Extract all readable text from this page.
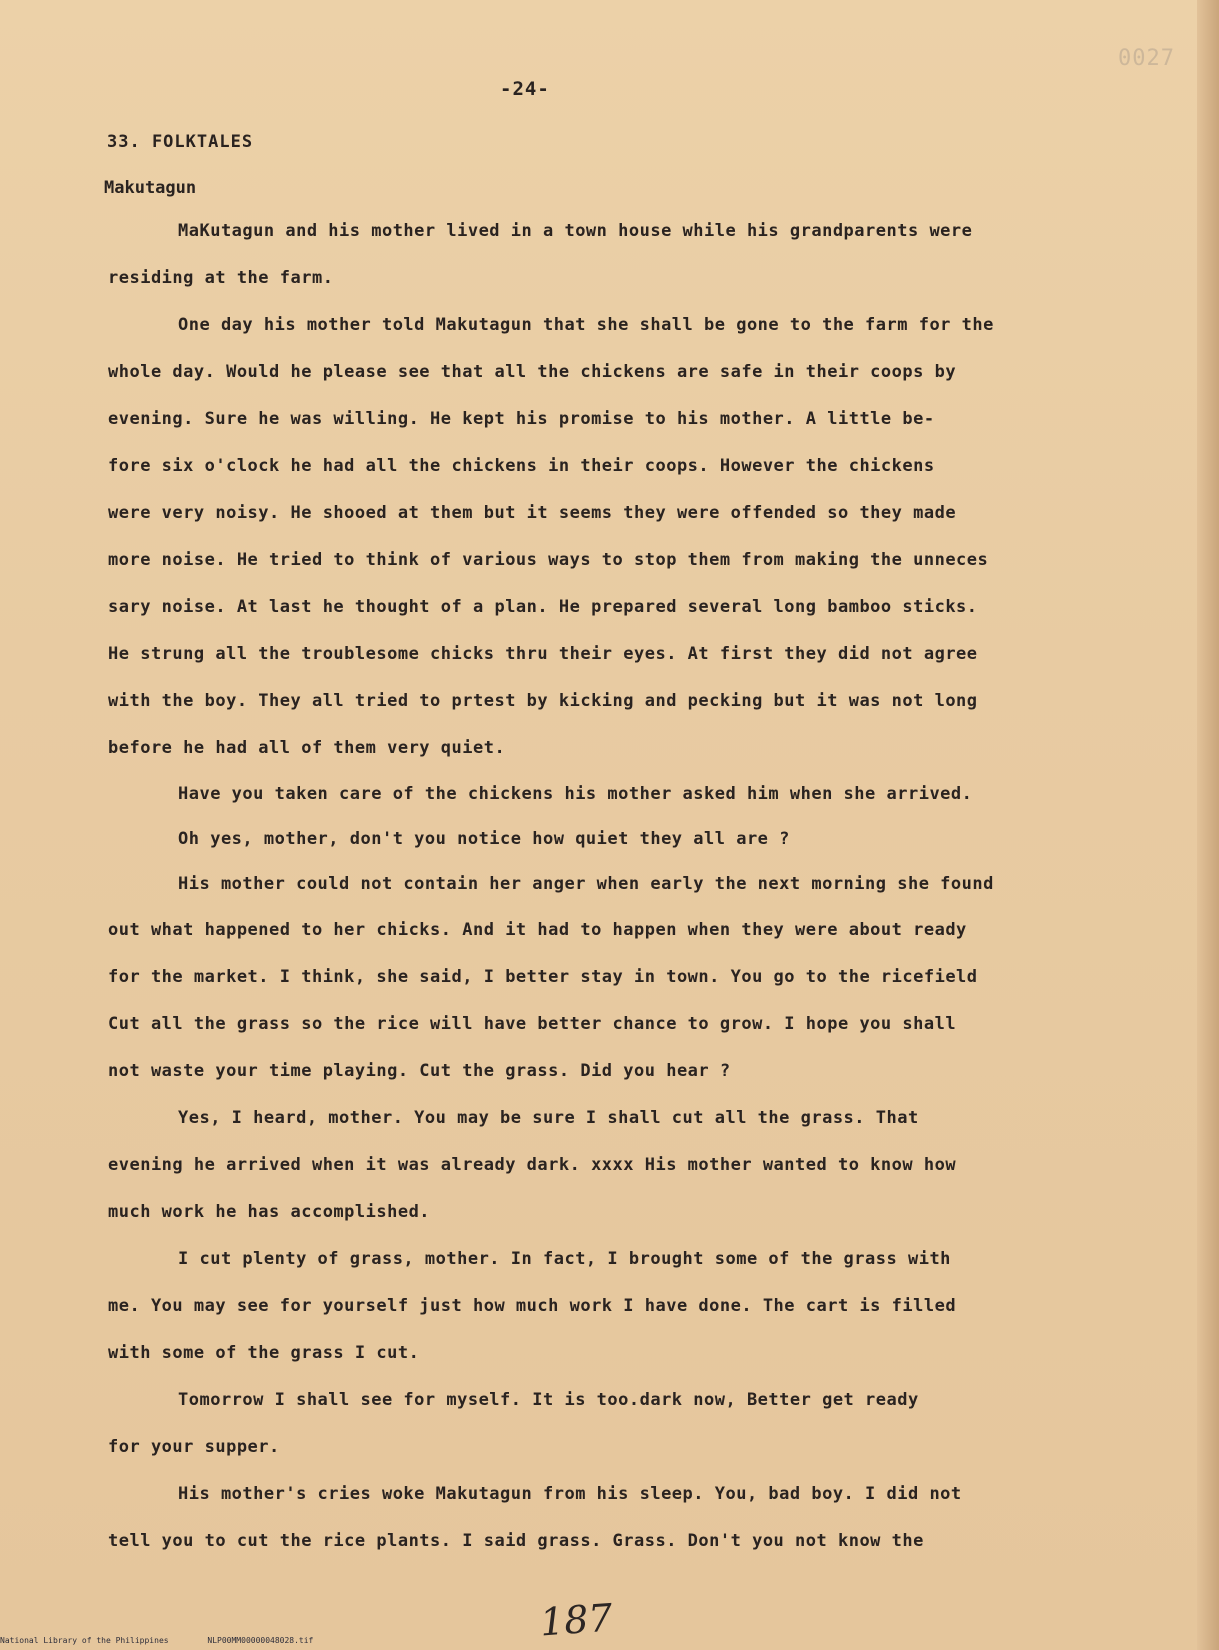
-24-
0027
33. FOLKTALES
Makutagun
MaKutagun and his mother lived in a town house while his grandparents were
residing at the farm.
One day his mother told Makutagun that she shall be gone to the farm for the
whole day. Would he please see that all the chickens are safe in their coops by
evening. Sure he was willing. He kept his promise to his mother. A little be-
fore six o'clock he had all the chickens in their coops. However the chickens
were very noisy. He shooed at them but it seems they were offended so they made
more noise. He tried to think of various ways to stop them from making the unneces
sary noise. At last he thought of a plan. He prepared several long bamboo sticks.
He strung all the troublesome chicks thru their eyes. At first they did not agree
with the boy. They all tried to prtest by kicking and pecking but it was not long
before he had all of them very quiet.
Have you taken care of the chickens his mother asked him when she arrived.
Oh yes, mother, don't you notice how quiet they all are ?
His mother could not contain her anger when early the next morning she found
out what happened to her chicks. And it had to happen when they were about ready
for the market. I think, she said, I better stay in town. You go to the ricefield
Cut all the grass so the rice will have better chance to grow. I hope you shall
not waste your time playing. Cut the grass. Did you hear ?
Yes, I heard, mother. You may be sure I shall cut all the grass. That
evening he arrived when it was already dark. xxxx His mother wanted to know how
much work he has accomplished.
I cut plenty of grass, mother. In fact, I brought some of the grass with
me. You may see for yourself just how much work I have done. The cart is filled
with some of the grass I cut.
Tomorrow I shall see for myself. It is too.dark now, Better get ready
for your supper.
His mother's cries woke Makutagun from his sleep. You, bad boy. I did not
tell you to cut the rice plants. I said grass. Grass. Don't you not know the
187
National Library of the Philippines	NLP00MM00000048028.tif
